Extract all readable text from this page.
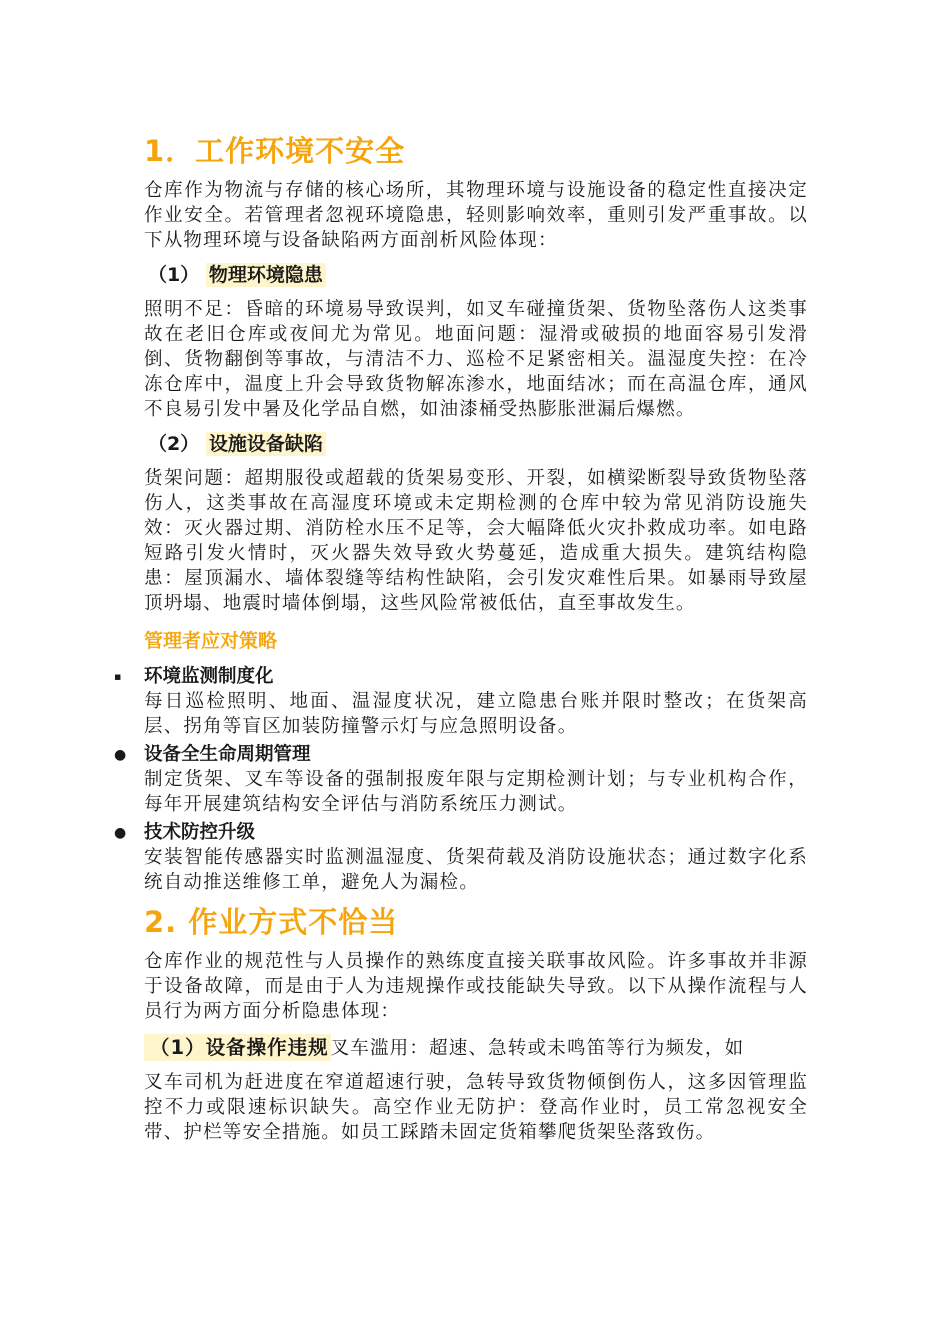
1．工作环境不安全

仓库作为物流与存储的核心场所，其物理环境与设施设备的稳定性直接决定作业安全。若管理者忽视环境隐患，轻则影响效率，重则引发严重事故。以下从物理环境与设备缺陷两方面剖析风险体现：

（1） 物理环境隐患

照明不足：昏暗的环境易导致误判，如叉车碰撞货架、货物坠落伤人这类事故在老旧仓库或夜间尤为常见。地面问题：湿滑或破损的地面容易引发滑倒、货物翻倒等事故，与清洁不力、巡检不足紧密相关。温湿度失控：在冷冻仓库中，温度上升会导致货物解冻渗水，地面结冰；而在高温仓库，通风不良易引发中暑及化学品自燃，如油漆桶受热膨胀泄漏后爆燃。

（2） 设施设备缺陷

货架问题：超期服役或超载的货架易变形、开裂，如横梁断裂导致货物坠落伤人，这类事故在高湿度环境或未定期检测的仓库中较为常见消防设施失效：灭火器过期、消防栓水压不足等，会大幅降低火灾扑救成功率。如电路短路引发火情时，灭火器失效导致火势蔓延，造成重大损失。建筑结构隐患：屋顶漏水、墙体裂缝等结构性缺陷，会引发灾难性后果。如暴雨导致屋顶坍塌、地震时墙体倒塌，这些风险常被低估，直至事故发生。

管理者应对策略
▪ 环境监测制度化

每日巡检照明、地面、温湿度状况，建立隐患台账并限时整改；在货架高层、拐角等盲区加装防撞警示灯与应急照明设备。

● 设备全生命周期管理

制定货架、叉车等设备的强制报废年限与定期检测计划；与专业机构合作，每年开展建筑结构安全评估与消防系统压力测试。

● 技术防控升级

安装智能传感器实时监测温湿度、货架荷载及消防设施状态；通过数字化系统自动推送维修工单，避免人为漏检。

2. 作业方式不恰当

仓库作业的规范性与人员操作的熟练度直接关联事故风险。许多事故并非源于设备故障，而是由于人为违规操作或技能缺失导致。以下从操作流程与人员行为两方面分析隐患体现：

（1）设备操作违规 叉车滥用：超速、急转或未鸣笛等行为频发，如

叉车司机为赶进度在窄道超速行驶，急转导致货物倾倒伤人，这多因管理监控不力或限速标识缺失。高空作业无防护：登高作业时，员工常忽视安全带、护栏等安全措施。如员工踩踏未固定货箱攀爬货架坠落致伤。
